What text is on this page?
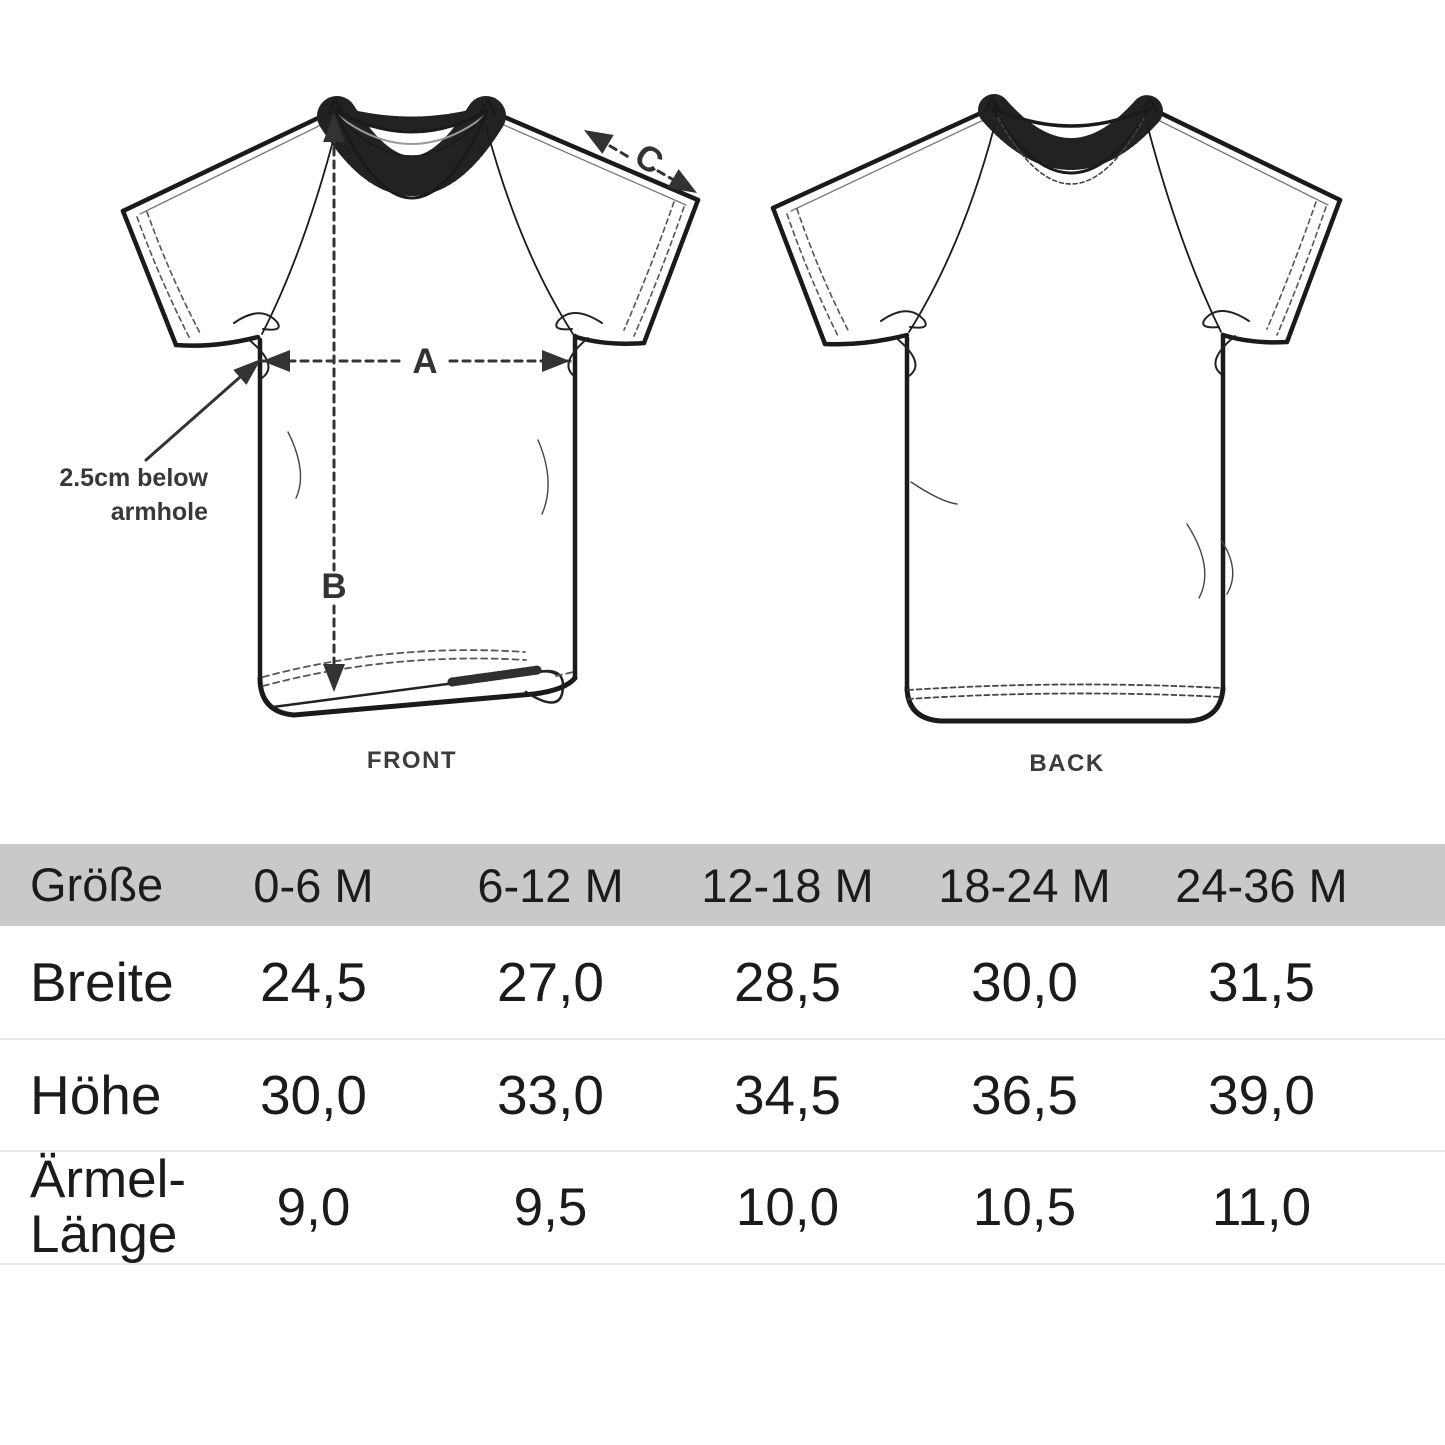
A
B
C
FRONT	BACK
2.5cm below
armhole
Größe	0-6 M	6-12 M	12-18 M	18-24 M	24-36 M
Breite	24,5	27,0	28,5	30,0	31,5
Höhe	30,0	33,0	34,5	36,5	39,0
Ärmel-
Länge	9,0	9,5	10,0	10,5	11,0
